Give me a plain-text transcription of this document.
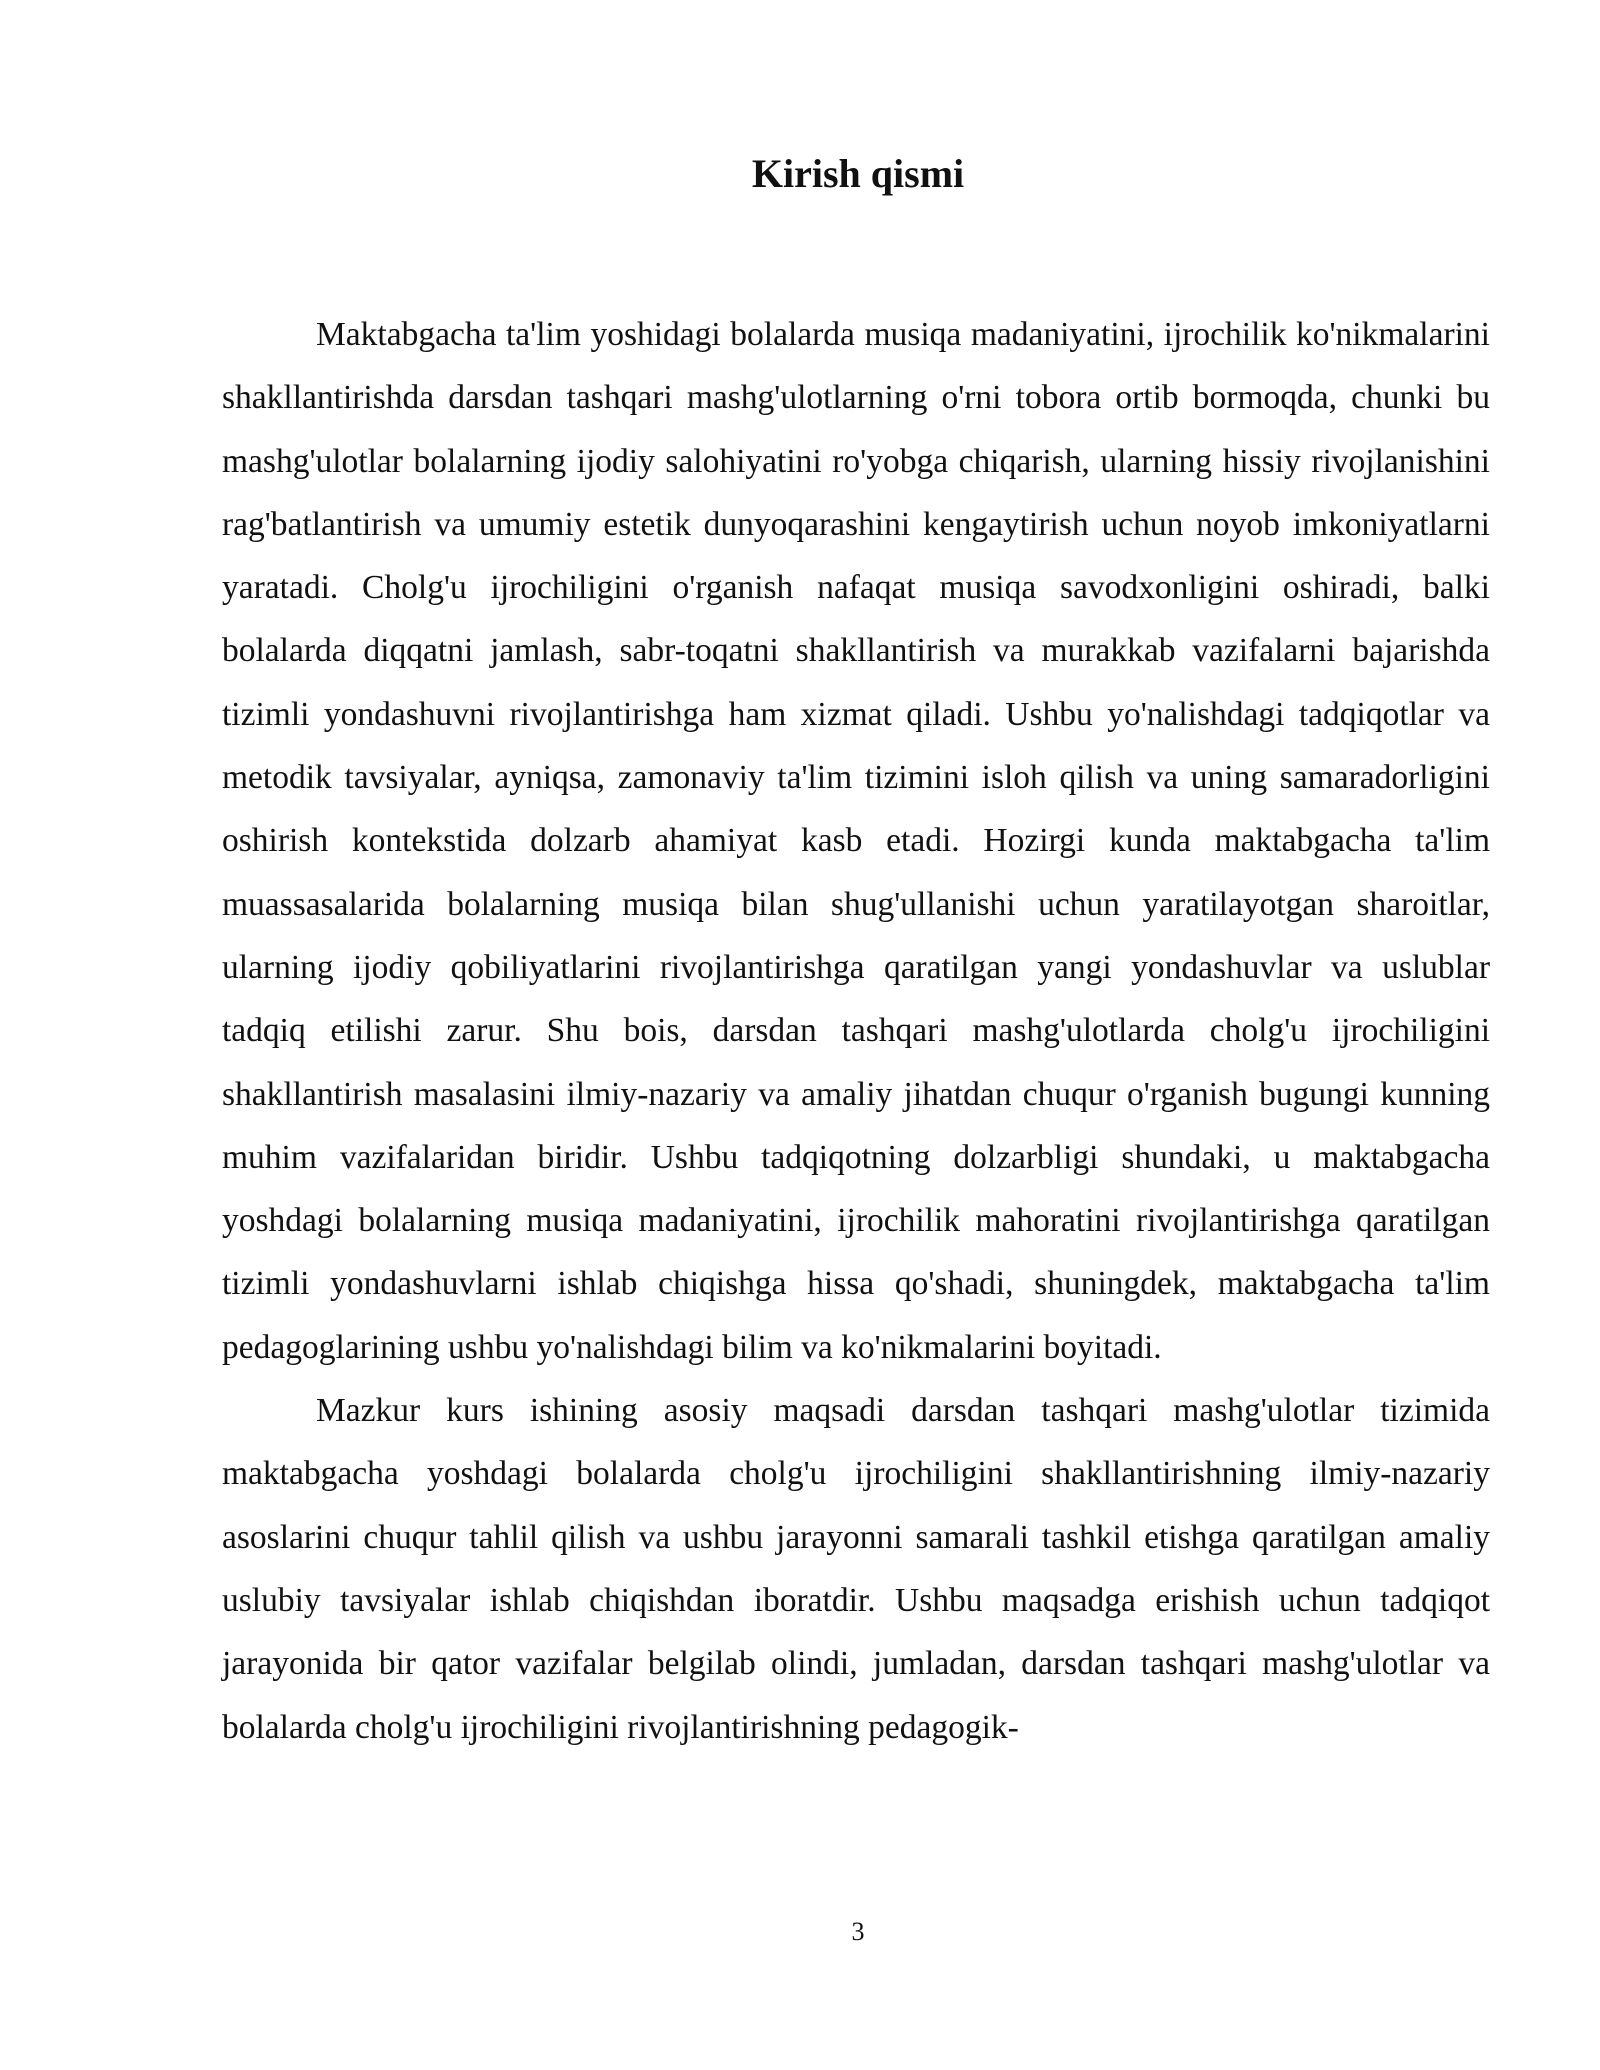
Kirish qismi

Maktabgacha ta'lim yoshidagi bolalarda musiqa madaniyatini, ijrochilik ko'nikmalarini shakllantirishda darsdan tashqari mashg'ulotlarning o'rni tobora ortib bormoqda, chunki bu mashg'ulotlar bolalarning ijodiy salohiyatini ro'yobga chiqarish, ularning hissiy rivojlanishini rag'batlantirish va umumiy estetik dunyoqarashini kengaytirish uchun noyob imkoniyatlarni yaratadi. Cholg'u ijrochiligini o'rganish nafaqat musiqa savodxonligini oshiradi, balki bolalarda diqqatni jamlash, sabr-toqatni shakllantirish va murakkab vazifalarni bajarishda tizimli yondashuvni rivojlantirishga ham xizmat qiladi. Ushbu yo'nalishdagi tadqiqotlar va metodik tavsiyalar, ayniqsa, zamonaviy ta'lim tizimini isloh qilish va uning samaradorligini oshirish kontekstida dolzarb ahamiyat kasb etadi. Hozirgi kunda maktabgacha ta'lim muassasalarida bolalarning musiqa bilan shug'ullanishi uchun yaratilayotgan sharoitlar, ularning ijodiy qobiliyatlarini rivojlantirishga qaratilgan yangi yondashuvlar va uslublar tadqiq etilishi zarur. Shu bois, darsdan tashqari mashg'ulotlarda cholg'u ijrochiligini shakllantirish masalasini ilmiy-nazariy va amaliy jihatdan chuqur o'rganish bugungi kunning muhim vazifalaridan biridir. Ushbu tadqiqotning dolzarbligi shundaki, u maktabgacha yoshdagi bolalarning musiqa madaniyatini, ijrochilik mahoratini rivojlantirishga qaratilgan tizimli yondashuvlarni ishlab chiqishga hissa qo'shadi, shuningdek, maktabgacha ta'lim pedagoglarining ushbu yo'nalishdagi bilim va ko'nikmalarini boyitadi.

Mazkur kurs ishining asosiy maqsadi darsdan tashqari mashg'ulotlar tizimida maktabgacha yoshdagi bolalarda cholg'u ijrochiligini shakllantirishning ilmiy-nazariy asoslarini chuqur tahlil qilish va ushbu jarayonni samarali tashkil etishga qaratilgan amaliy uslubiy tavsiyalar ishlab chiqishdan iboratdir. Ushbu maqsadga erishish uchun tadqiqot jarayonida bir qator vazifalar belgilab olindi, jumladan, darsdan tashqari mashg'ulotlar va bolalarda cholg'u ijrochiligini rivojlantirishning pedagogik-

3
